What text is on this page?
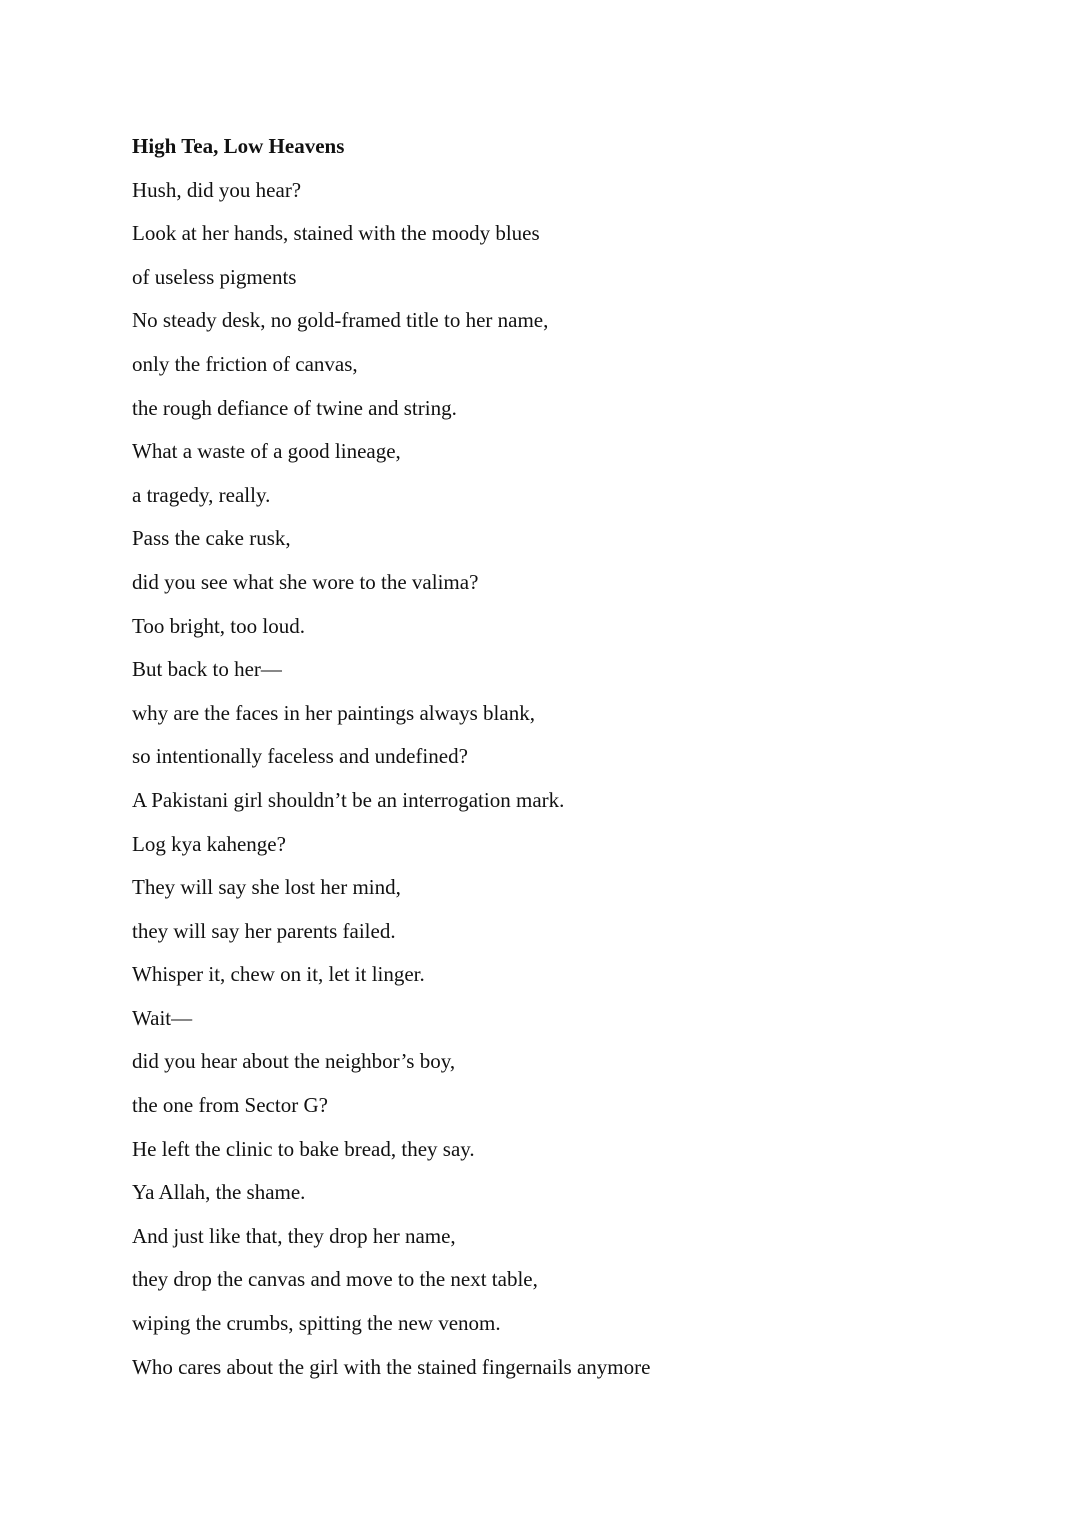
High Tea, Low Heavens
Hush, did you hear?
Look at her hands, stained with the moody blues
of useless pigments
No steady desk, no gold-framed title to her name,
only the friction of canvas,
the rough defiance of twine and string.
What a waste of a good lineage,
a tragedy, really.
Pass the cake rusk,
did you see what she wore to the valima?
Too bright, too loud.
But back to her—
why are the faces in her paintings always blank,
so intentionally faceless and undefined?
A Pakistani girl shouldn’t be an interrogation mark.
Log kya kahenge?
They will say she lost her mind,
they will say her parents failed.
Whisper it, chew on it, let it linger.
Wait—
did you hear about the neighbor’s boy,
the one from Sector G?
He left the clinic to bake bread, they say.
Ya Allah, the shame.
And just like that, they drop her name,
they drop the canvas and move to the next table,
wiping the crumbs, spitting the new venom.
Who cares about the girl with the stained fingernails anymore
